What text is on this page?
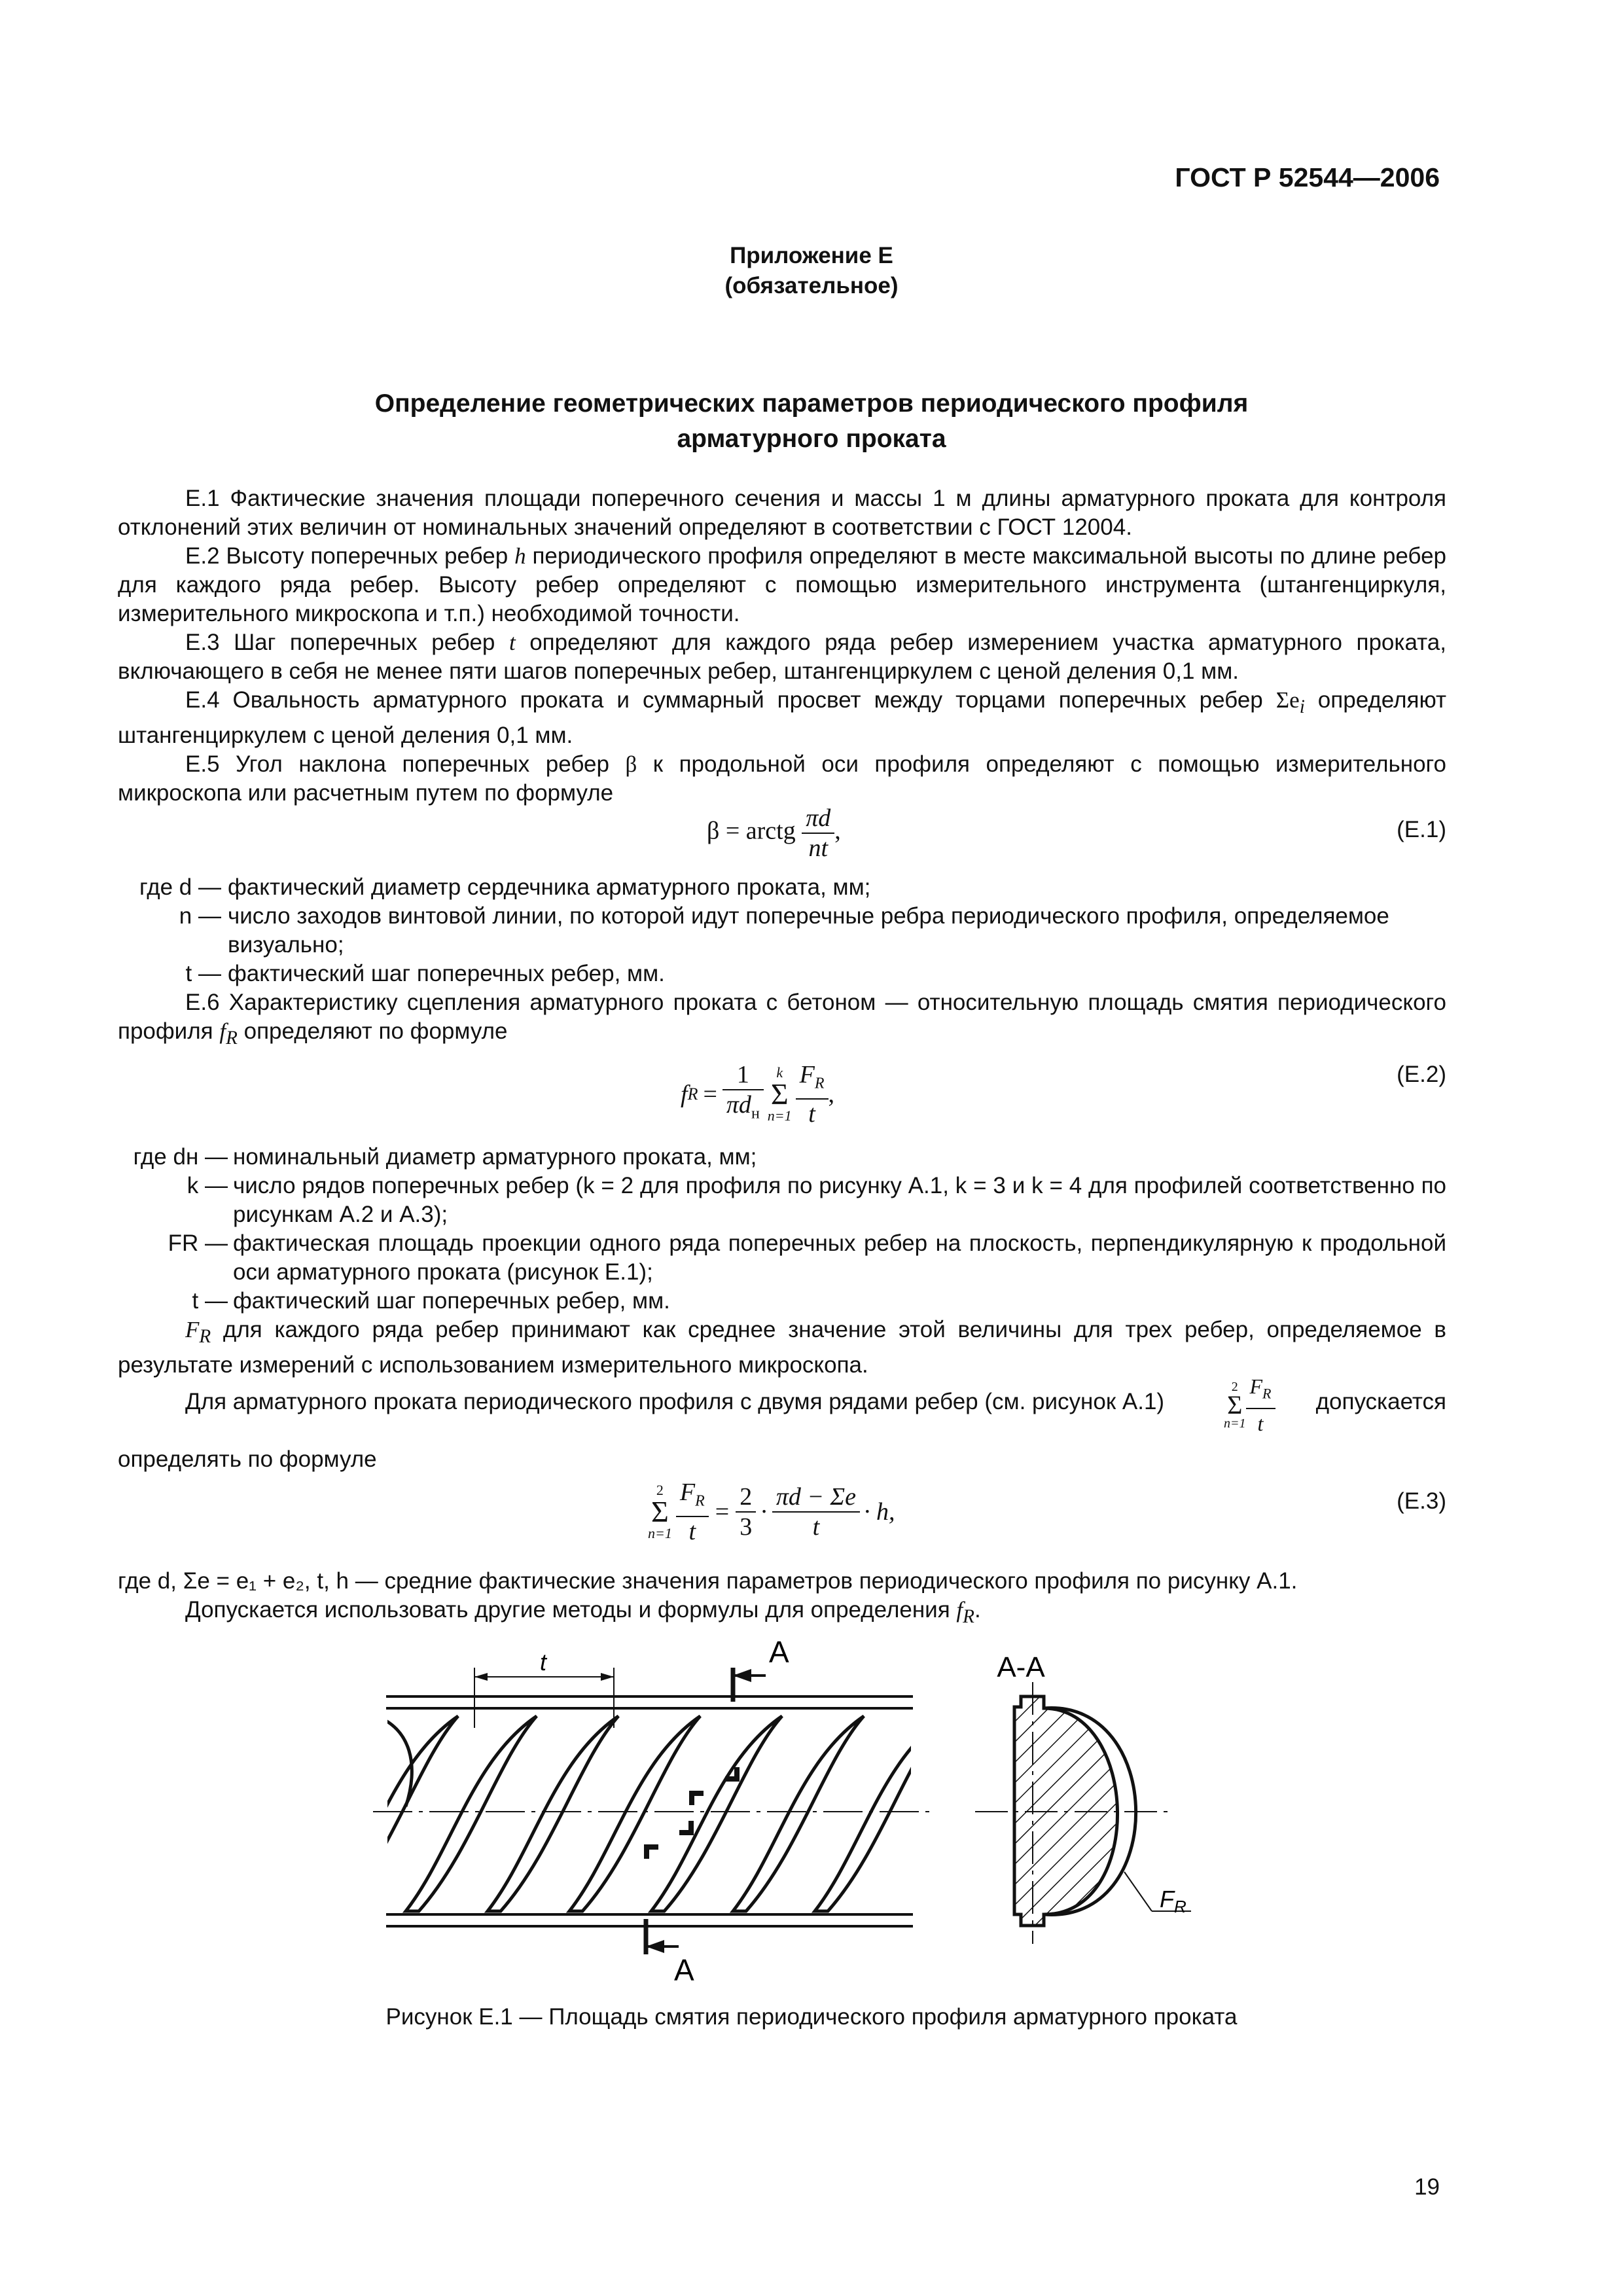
ГОСТ Р 52544—2006
Приложение Е
(обязательное)
Определение геометрических параметров периодического профиля
арматурного проката

Е.1 Фактические значения площади поперечного сечения и массы 1 м длины арматурного проката для контроля отклонений этих величин от номинальных значений определяют в соответствии с ГОСТ 12004.

Е.2 Высоту поперечных ребер h периодического профиля определяют в месте максимальной высоты по длине ребер для каждого ряда ребер. Высоту ребер определяют с помощью измерительного инструмента (штангенциркуля, измерительного микроскопа и т.п.) необходимой точности.

Е.3 Шаг поперечных ребер t определяют для каждого ряда ребер измерением участка арматурного проката, включающего в себя не менее пяти шагов поперечных ребер, штангенциркулем с ценой деления 0,1 мм.

Е.4 Овальность арматурного проката и суммарный просвет между торцами поперечных ребер $\Sigma e_i$ определяют штангенциркулем с ценой деления 0,1 мм.

Е.5 Угол наклона поперечных ребер β к продольной оси профиля определяют с помощью измерительного микроскопа или расчетным путем по формуле

β = arctg $\frac{\pi d}{nt}$ ,	(Е.1)
где d — фактический диаметр сердечника арматурного проката, мм;
n — число заходов винтовой линии, по которой идут поперечные ребра периодического профиля, определяемое визуально;
t — фактический шаг поперечных ребер, мм.

Е.6 Характеристику сцепления арматурного проката с бетоном — относительную площадь смятия периодического профиля $f_R$ определяют по формуле

f $R = \frac{1}{\pi d_н}$ k
Σ
$n=1 \frac{F_R}{t}$ ,
(Е.2)
где dн — номинальный диаметр арматурного проката, мм;
k — число рядов поперечных ребер (k = 2 для профиля по рисунку А.1, k = 3 и k = 4 для профилей соответственно по рисункам А.2 и А.3);
FR — фактическая площадь проекции одного ряда поперечных ребер на плоскость, перпендикулярную к продольной оси арматурного проката (рисунок Е.1);
t — фактический шаг поперечных ребер, мм.

$F_R$ для каждого ряда ребер принимают как среднее значение этой величины для трех ребер, определяемое в результате измерений с использованием измерительного микроскопа.

Для арматурного проката периодического профиля с двумя рядами ребер (см. рисунок А.1)
2
Σ
$n=1 \frac{F_R}{t}$ допускается
определять по формуле
2
Σ
$n=1 \frac{F_R}{t} = \frac{2}{3} \cdot \frac{\pi d - \Sigma e}{t} \cdot h$,	(Е.3)

где d, Σe = e₁ + e₂, t, h — средние фактические значения параметров периодического профиля по рисунку А.1.

Допускается использовать другие методы и формулы для определения $f_R$.

t	А
А
А-А
$F_R$
Рисунок Е.1 — Площадь смятия периодического профиля арматурного проката
19
